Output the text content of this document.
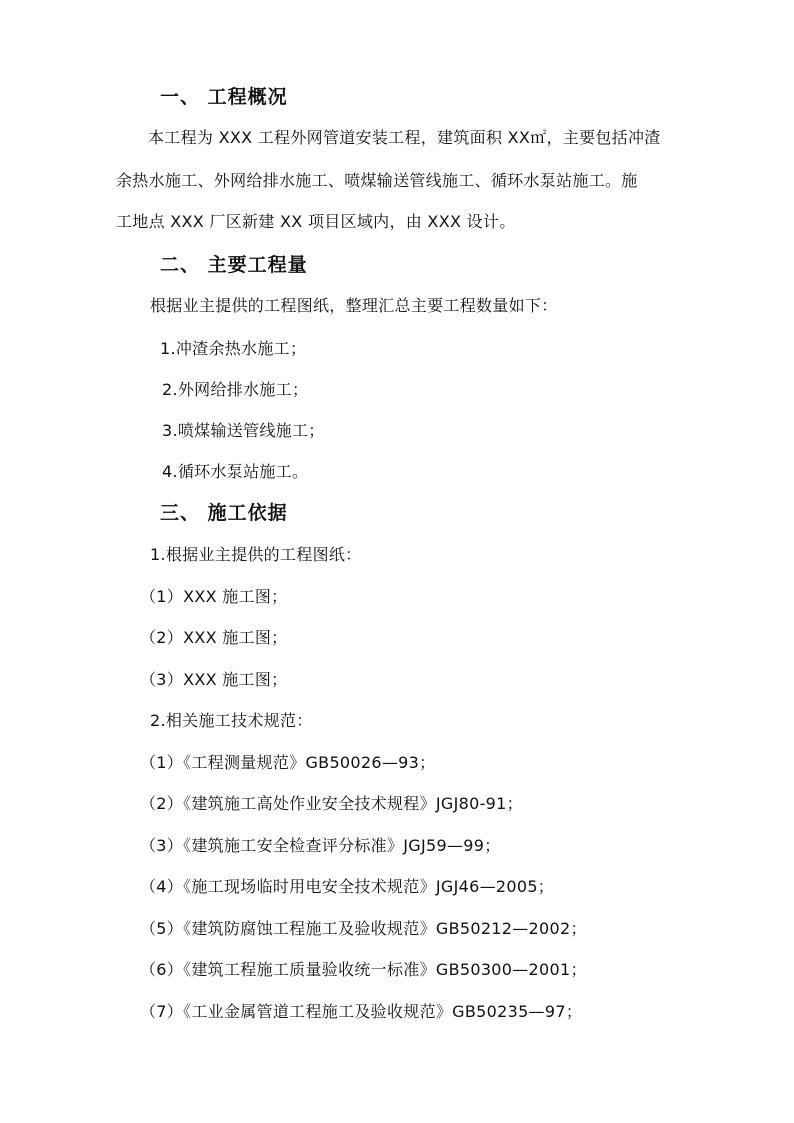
一、 工程概况
本工程为 XXX 工程外网管道安装工程，建筑面积 XX㎡，主要包括冲渣
余热水施工、外网给排水施工、喷煤输送管线施工、循环水泵站施工。施
工地点 XXX 厂区新建 XX 项目区域内，由 XXX 设计。
二、 主要工程量
根据业主提供的工程图纸，整理汇总主要工程数量如下：
1.冲渣余热水施工；
2.外网给排水施工；
3.喷煤输送管线施工；
4.循环水泵站施工。
三、 施工依据
1.根据业主提供的工程图纸：
（1）XXX 施工图；
（2）XXX 施工图；
（3）XXX 施工图；
2.相关施工技术规范：
（1）《工程测量规范》GB50026—93；
（2）《建筑施工高处作业安全技术规程》JGJ80-91；
（3）《建筑施工安全检查评分标准》JGJ59—99；
（4）《施工现场临时用电安全技术规范》JGJ46—2005；
（5）《建筑防腐蚀工程施工及验收规范》GB50212—2002；
（6）《建筑工程施工质量验收统一标准》GB50300—2001；
（7）《工业金属管道工程施工及验收规范》GB50235—97；
